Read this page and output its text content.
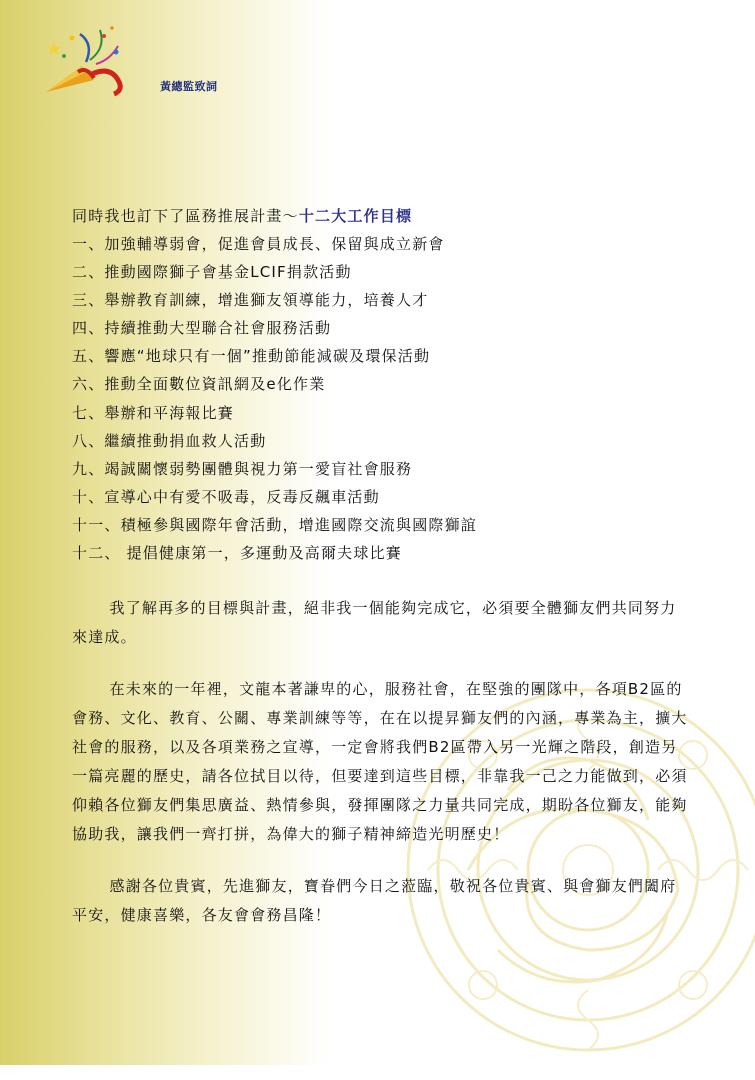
黃總監致詞
同時我也訂下了區務推展計畫～十二大工作目標
一、加強輔導弱會，促進會員成長、保留與成立新會
二、推動國際獅子會基金LCIF捐款活動
三、舉辦教育訓練，增進獅友領導能力，培養人才
四、持續推動大型聯合社會服務活動
五、響應“地球只有一個”推動節能減碳及環保活動
六、推動全面數位資訊網及e化作業
七、舉辦和平海報比賽
八、繼續推動捐血救人活動
九、竭誠關懷弱勢團體與視力第一愛盲社會服務
十、宣導心中有愛不吸毒，反毒反飆車活動
十一、積極參與國際年會活動，增進國際交流與國際獅誼
十二、 提倡健康第一，多運動及高爾夫球比賽

我了解再多的目標與計畫，絕非我一個能夠完成它，必須要全體獅友們共同努力來達成。

在未來的一年裡，文龍本著謙卑的心，服務社會，在堅強的團隊中，各項B2區的會務、文化、教育、公關、專業訓練等等，在在以提昇獅友們的內涵，專業為主，擴大社會的服務，以及各項業務之宣導，一定會將我們B2區帶入另一光輝之階段，創造另一篇亮麗的歷史，請各位拭目以待，但要達到這些目標，非靠我一己之力能做到，必須仰賴各位獅友們集思廣益、熱情參與，發揮團隊之力量共同完成，期盼各位獅友，能夠協助我，讓我們一齊打拼，為偉大的獅子精神締造光明歷史！

感謝各位貴賓，先進獅友，寶眷們今日之蒞臨，敬祝各位貴賓、與會獅友們闔府平安，健康喜樂，各友會會務昌隆！
